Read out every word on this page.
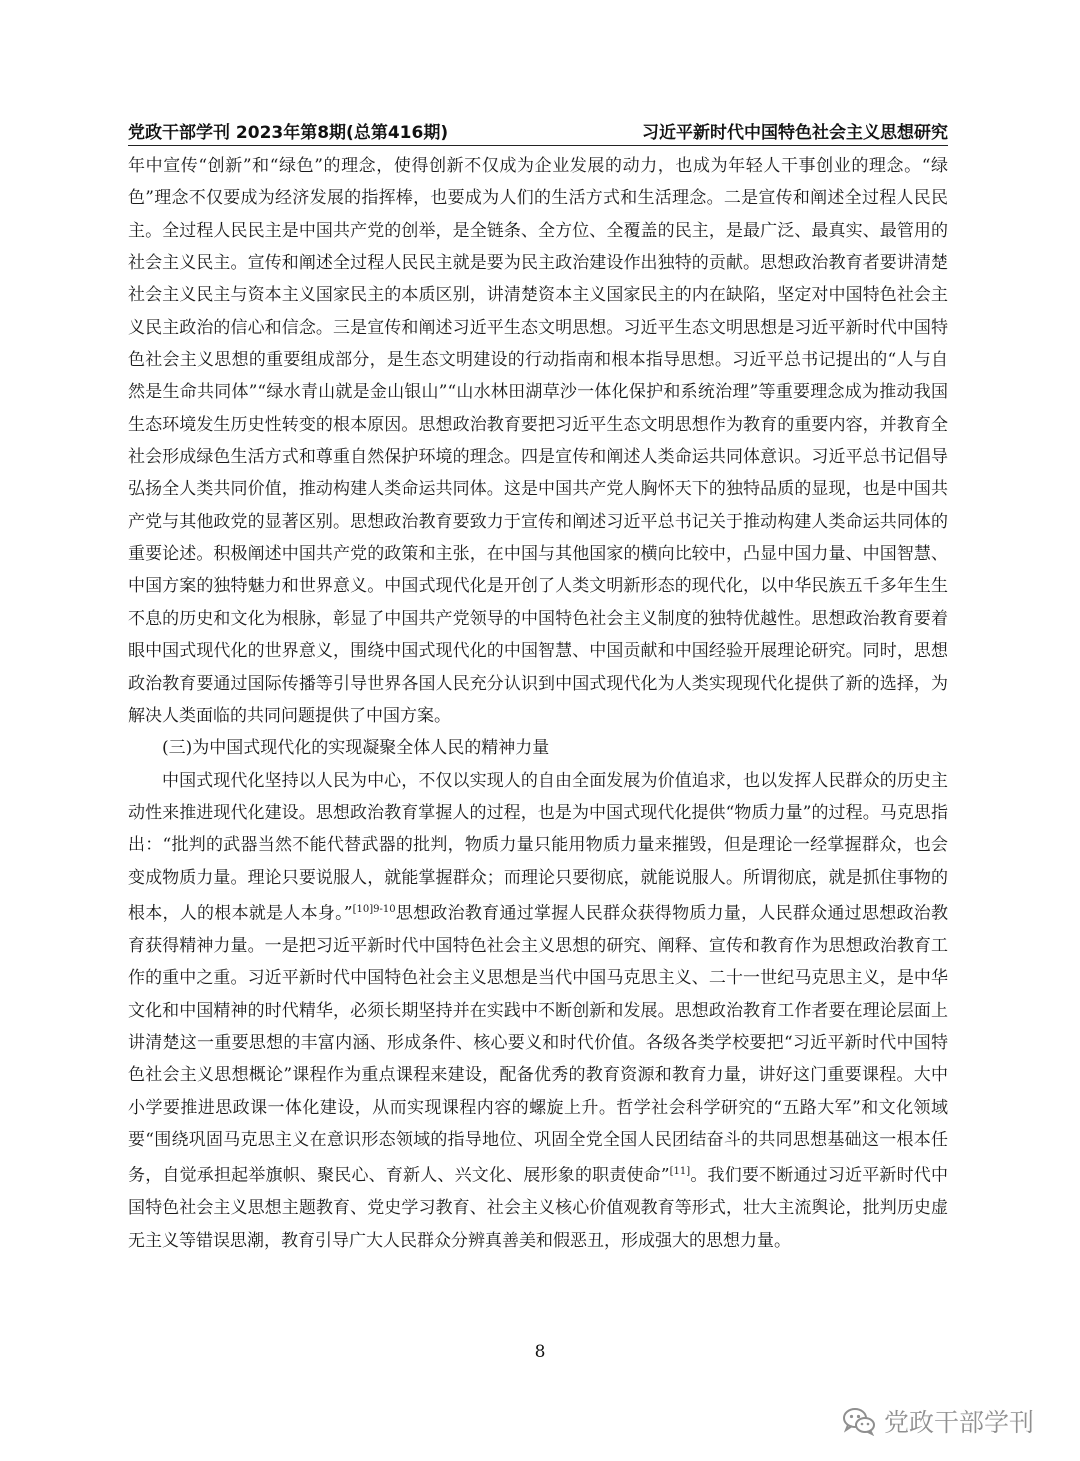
党政干部学刊 2023年第8期(总第416期)	习近平新时代中国特色社会主义思想研究

年中宣传“创新”和“绿色”的理念，使得创新不仅成为企业发展的动力，也成为年轻人干事创业的理念。“绿色”理念不仅要成为经济发展的指挥棒，也要成为人们的生活方式和生活理念。二是宣传和阐述全过程人民民主。全过程人民民主是中国共产党的创举，是全链条、全方位、全覆盖的民主，是最广泛、最真实、最管用的社会主义民主。宣传和阐述全过程人民民主就是要为民主政治建设作出独特的贡献。思想政治教育者要讲清楚社会主义民主与资本主义国家民主的本质区别，讲清楚资本主义国家民主的内在缺陷，坚定对中国特色社会主义民主政治的信心和信念。三是宣传和阐述习近平生态文明思想。习近平生态文明思想是习近平新时代中国特色社会主义思想的重要组成部分，是生态文明建设的行动指南和根本指导思想。习近平总书记提出的“人与自然是生命共同体”“绿水青山就是金山银山”“山水林田湖草沙一体化保护和系统治理”等重要理念成为推动我国生态环境发生历史性转变的根本原因。思想政治教育要把习近平生态文明思想作为教育的重要内容，并教育全社会形成绿色生活方式和尊重自然保护环境的理念。四是宣传和阐述人类命运共同体意识。习近平总书记倡导弘扬全人类共同价值，推动构建人类命运共同体。这是中国共产党人胸怀天下的独特品质的显现，也是中国共产党与其他政党的显著区别。思想政治教育要致力于宣传和阐述习近平总书记关于推动构建人类命运共同体的重要论述。积极阐述中国共产党的政策和主张，在中国与其他国家的横向比较中，凸显中国力量、中国智慧、中国方案的独特魅力和世界意义。中国式现代化是开创了人类文明新形态的现代化，以中华民族五千多年生生不息的历史和文化为根脉，彰显了中国共产党领导的中国特色社会主义制度的独特优越性。思想政治教育要着眼中国式现代化的世界意义，围绕中国式现代化的中国智慧、中国贡献和中国经验开展理论研究。同时，思想政治教育要通过国际传播等引导世界各国人民充分认识到中国式现代化为人类实现现代化提供了新的选择，为解决人类面临的共同问题提供了中国方案。

(三)为中国式现代化的实现凝聚全体人民的精神力量

中国式现代化坚持以人民为中心，不仅以实现人的自由全面发展为价值追求，也以发挥人民群众的历史主动性来推进现代化建设。思想政治教育掌握人的过程，也是为中国式现代化提供“物质力量”的过程。马克思指出：“批判的武器当然不能代替武器的批判，物质力量只能用物质力量来摧毁，但是理论一经掌握群众，也会变成物质力量。理论只要说服人，就能掌握群众；而理论只要彻底，就能说服人。所谓彻底，就是抓住事物的根本，人的根本就是人本身。”$^{[10]9-10}$思想政治教育通过掌握人民群众获得物质力量，人民群众通过思想政治教育获得精神力量。一是把习近平新时代中国特色社会主义思想的研究、阐释、宣传和教育作为思想政治教育工作的重中之重。习近平新时代中国特色社会主义思想是当代中国马克思主义、二十一世纪马克思主义，是中华文化和中国精神的时代精华，必须长期坚持并在实践中不断创新和发展。思想政治教育工作者要在理论层面上讲清楚这一重要思想的丰富内涵、形成条件、核心要义和时代价值。各级各类学校要把“习近平新时代中国特色社会主义思想概论”课程作为重点课程来建设，配备优秀的教育资源和教育力量，讲好这门重要课程。大中小学要推进思政课一体化建设，从而实现课程内容的螺旋上升。哲学社会科学研究的“五路大军”和文化领域要“围绕巩固马克思主义在意识形态领域的指导地位、巩固全党全国人民团结奋斗的共同思想基础这一根本任务，自觉承担起举旗帜、聚民心、育新人、兴文化、展形象的职责使命”[11]。我们要不断通过习近平新时代中国特色社会主义思想主题教育、党史学习教育、社会主义核心价值观教育等形式，壮大主流舆论，批判历史虚无主义等错误思潮，教育引导广大人民群众分辨真善美和假恶丑，形成强大的思想力量。

8
党政干部学刊
